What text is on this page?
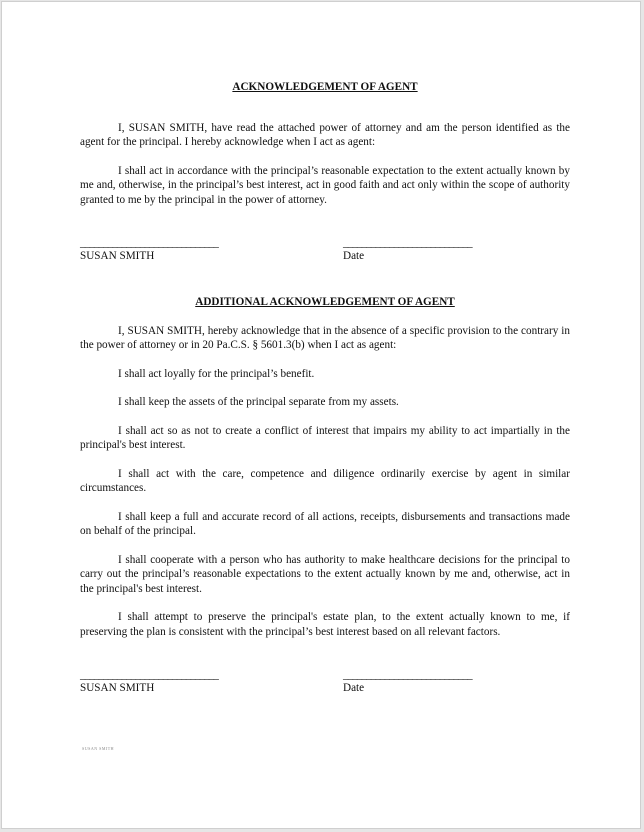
ACKNOWLEDGEMENT OF AGENT

I, SUSAN SMITH, have read the attached power of attorney and am the person identified as the agent for the principal. I hereby acknowledge when I act as agent:

I shall act in accordance with the principal’s reasonable expectation to the extent actually known by me and, otherwise, in the principal’s best interest, act in good faith and act only within the scope of authority granted to me by the principal in the power of attorney.

______________________________
SUSAN SMITH
____________________________
Date
ADDITIONAL ACKNOWLEDGEMENT OF AGENT

I, SUSAN SMITH, hereby acknowledge that in the absence of a specific provision to the contrary in the power of attorney or in 20 Pa.C.S. § 5601.3(b) when I act as agent:

I shall act loyally for the principal’s benefit.

I shall keep the assets of the principal separate from my assets.

I shall act so as not to create a conflict of interest that impairs my ability to act impartially in the principal's best interest.

I shall act with the care, competence and diligence ordinarily exercise by agent in similar circumstances.

I shall keep a full and accurate record of all actions, receipts, disbursements and transactions made on behalf of the principal.

I shall cooperate with a person who has authority to make healthcare decisions for the principal to carry out the principal’s reasonable expectations to the extent actually known by me and, otherwise, act in the principal's best interest.

I shall attempt to preserve the principal's estate plan, to the extent actually known to me, if preserving the plan is consistent with the principal’s best interest based on all relevant factors.

______________________________
SUSAN SMITH
____________________________
Date
SUSAN SMITH
